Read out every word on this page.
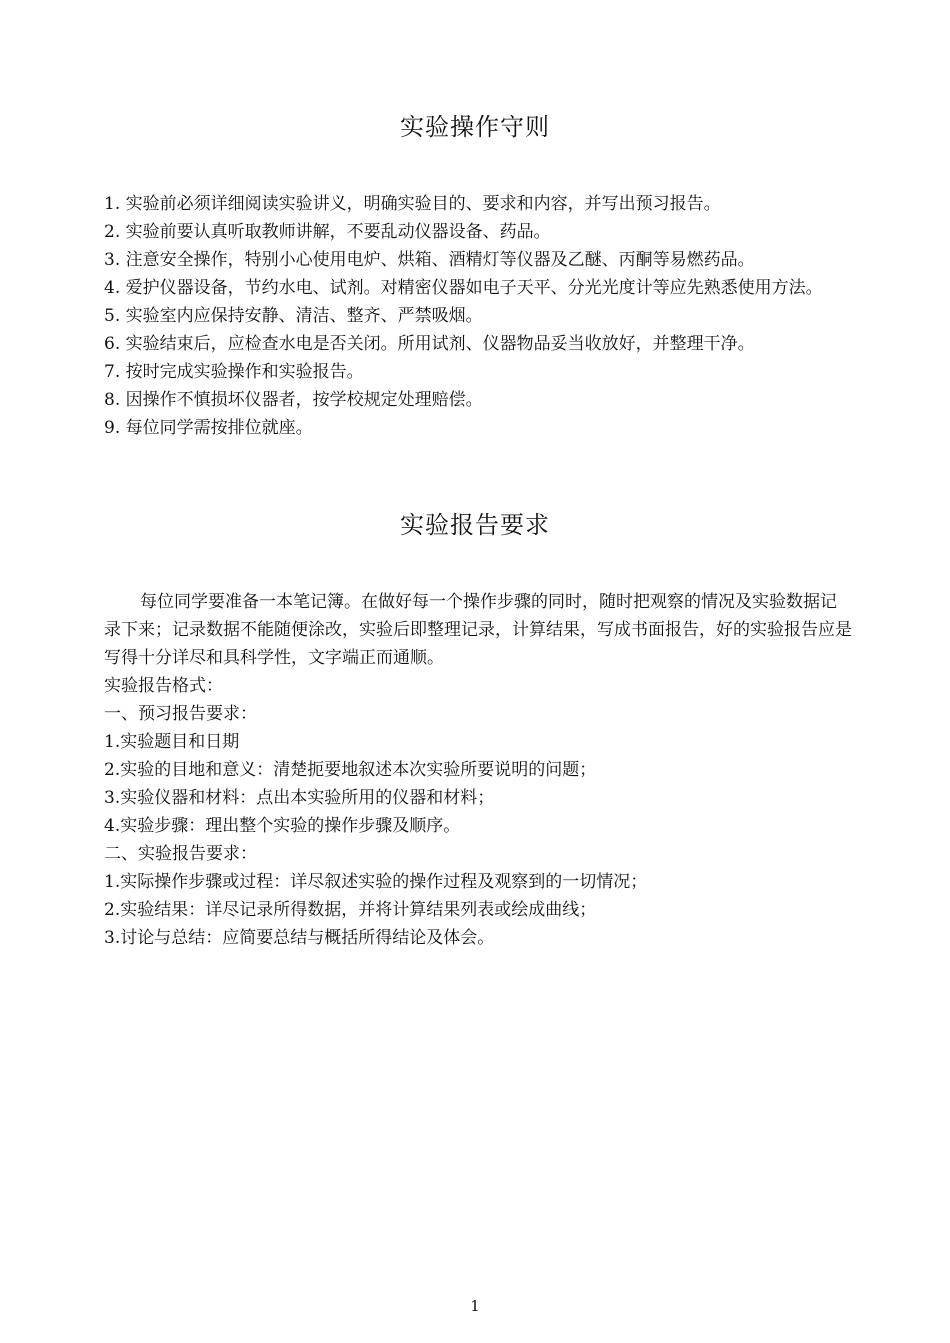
实验操作守则

1. 实验前必须详细阅读实验讲义，明确实验目的、要求和内容，并写出预习报告。

2. 实验前要认真听取教师讲解，不要乱动仪器设备、药品。

3. 注意安全操作，特别小心使用电炉、烘箱、酒精灯等仪器及乙醚、丙酮等易燃药品。

4. 爱护仪器设备，节约水电、试剂。对精密仪器如电子天平、分光光度计等应先熟悉使用方法。

5. 实验室内应保持安静、清洁、整齐、严禁吸烟。

6. 实验结束后，应检查水电是否关闭。所用试剂、仪器物品妥当收放好，并整理干净。

7. 按时完成实验操作和实验报告。

8. 因操作不慎损坏仪器者，按学校规定处理赔偿。

9. 每位同学需按排位就座。

实验报告要求

每位同学要准备一本笔记簿。在做好每一个操作步骤的同时，随时把观察的情况及实验数据记录下来；记录数据不能随便涂改，实验后即整理记录，计算结果，写成书面报告，好的实验报告应是写得十分详尽和具科学性，文字端正而通顺。

实验报告格式：

一、预习报告要求：

1.实验题目和日期

2.实验的目地和意义：清楚扼要地叙述本次实验所要说明的问题；

3.实验仪器和材料：点出本实验所用的仪器和材料；

4.实验步骤：理出整个实验的操作步骤及顺序。

二、实验报告要求：

1.实际操作步骤或过程：详尽叙述实验的操作过程及观察到的一切情况；

2.实验结果：详尽记录所得数据，并将计算结果列表或绘成曲线；

3.讨论与总结：应简要总结与概括所得结论及体会。

1
